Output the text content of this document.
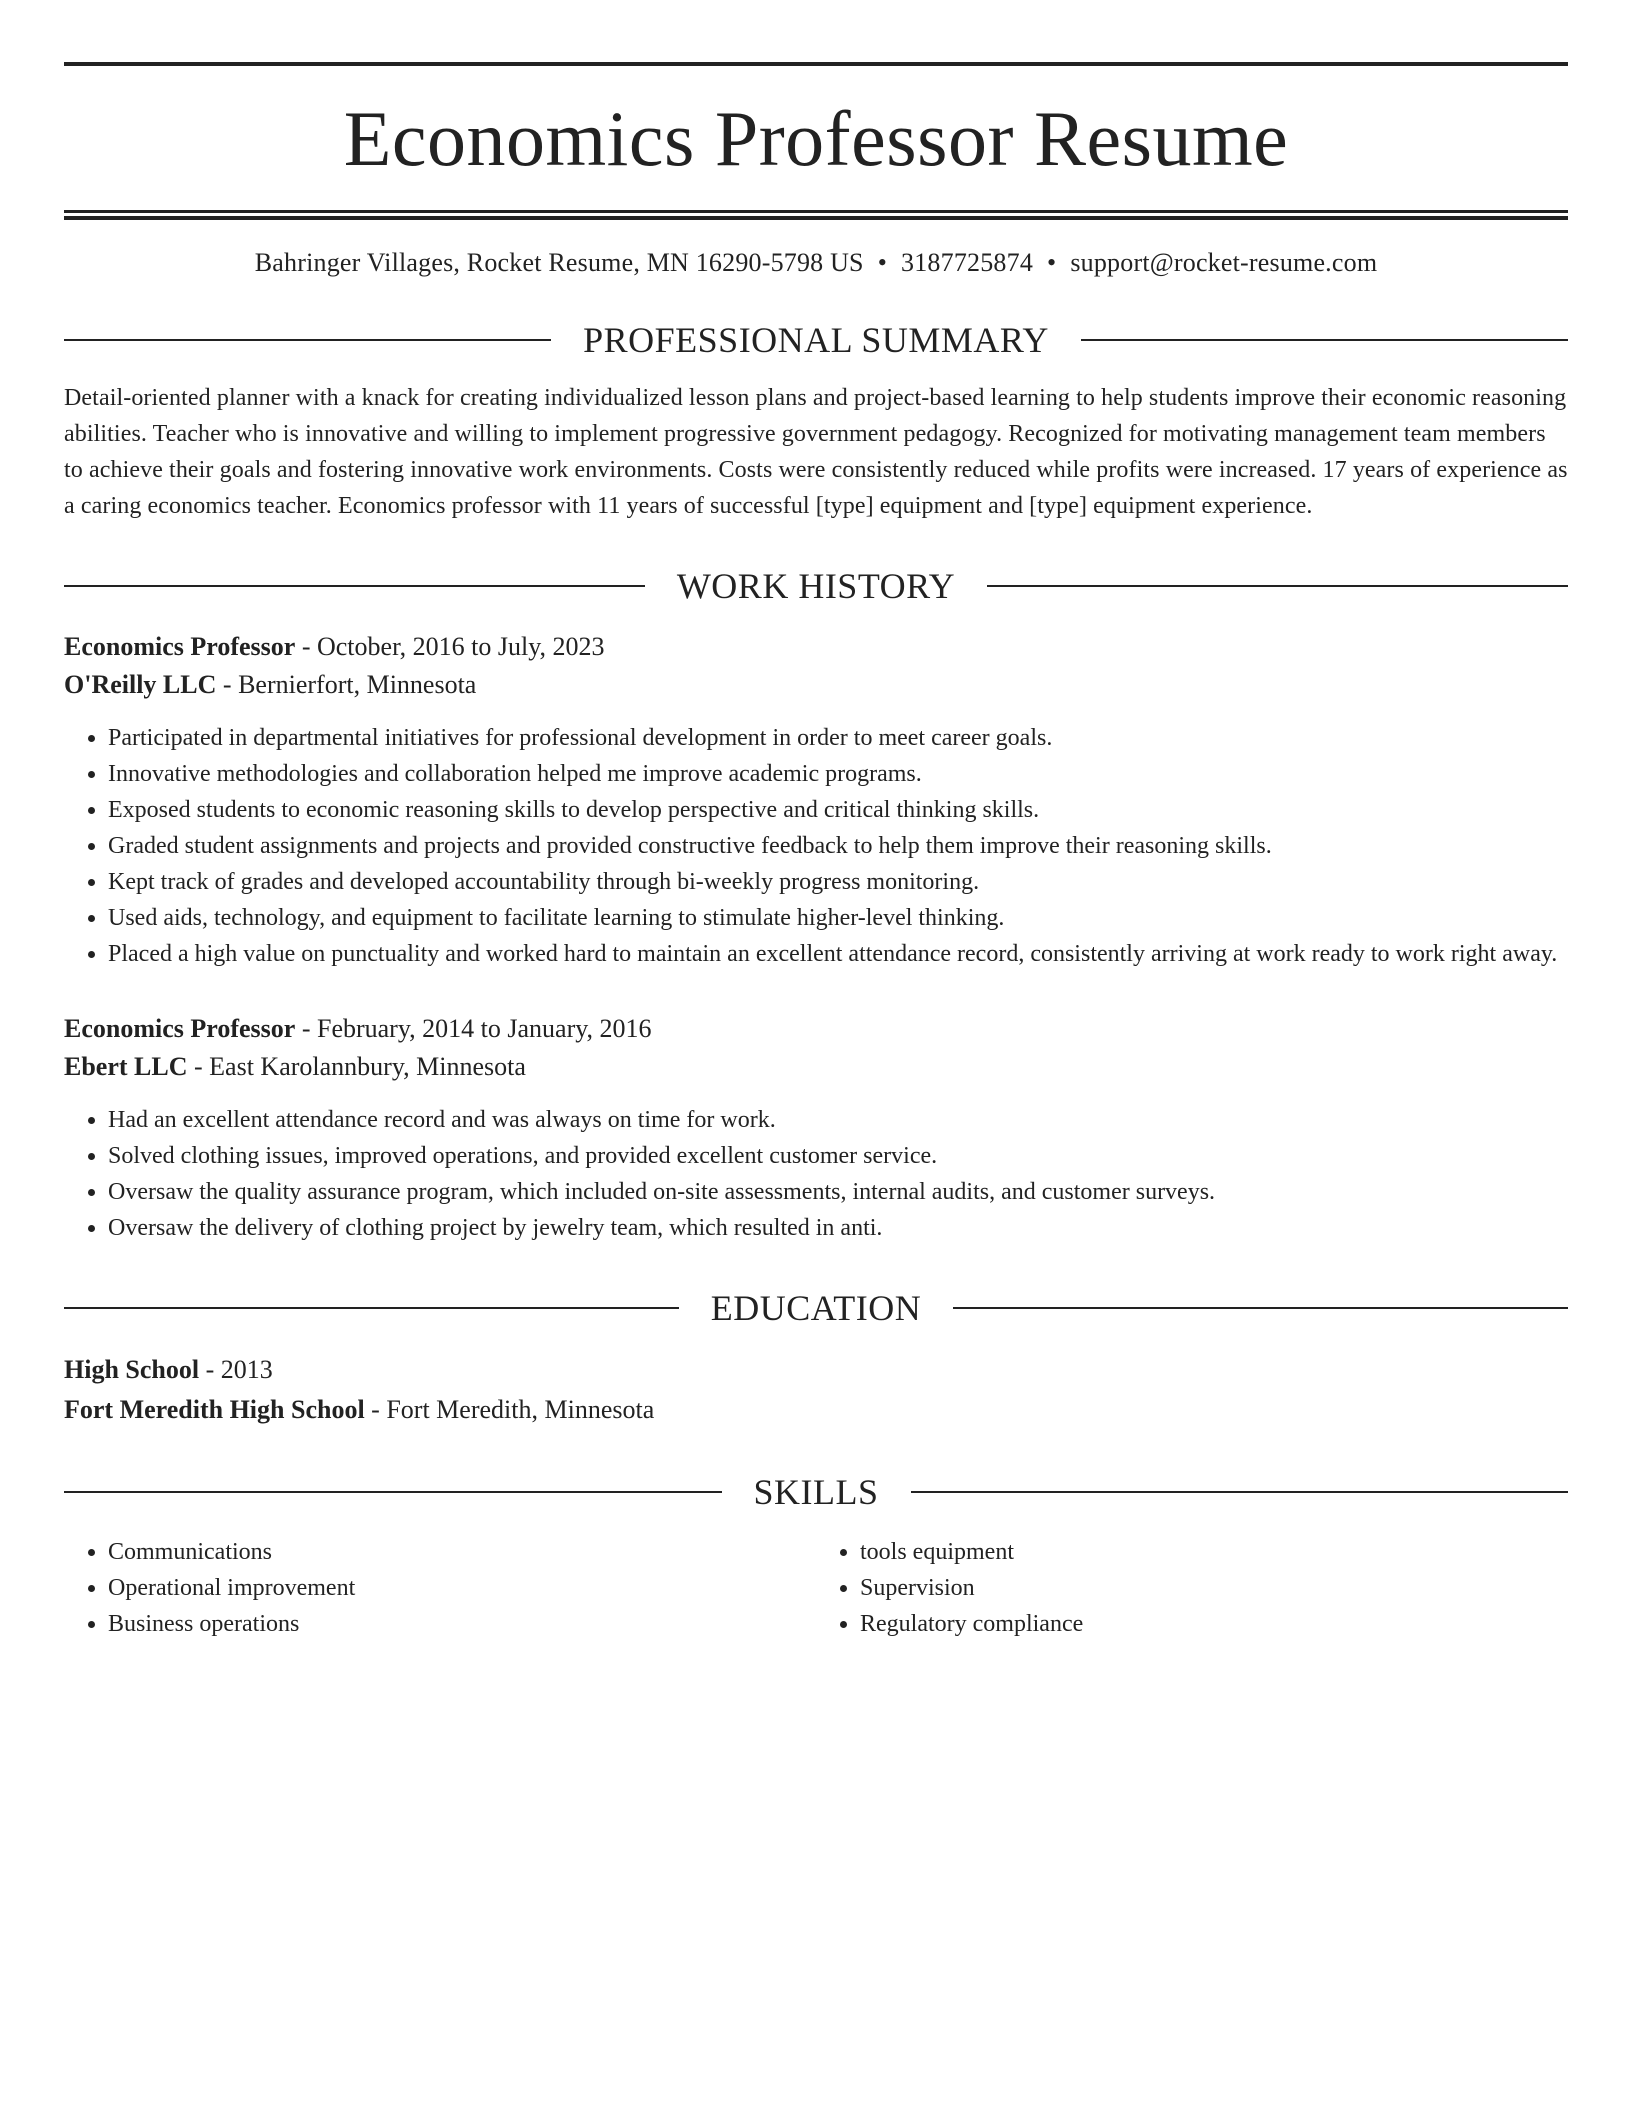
Economics Professor Resume
Bahringer Villages, Rocket Resume, MN 16290-5798 US • 3187725874 • support@rocket-resume.com
PROFESSIONAL SUMMARY
Detail-oriented planner with a knack for creating individualized lesson plans and project-based learning to help students improve their economic reasoning abilities. Teacher who is innovative and willing to implement progressive government pedagogy. Recognized for motivating management team members to achieve their goals and fostering innovative work environments. Costs were consistently reduced while profits were increased. 17 years of experience as a caring economics teacher. Economics professor with 11 years of successful [type] equipment and [type] equipment experience.
WORK HISTORY
Economics Professor - October, 2016 to July, 2023
O'Reilly LLC - Bernierfort, Minnesota
• Participated in departmental initiatives for professional development in order to meet career goals.
• Innovative methodologies and collaboration helped me improve academic programs.
• Exposed students to economic reasoning skills to develop perspective and critical thinking skills.
• Graded student assignments and projects and provided constructive feedback to help them improve their reasoning skills.
• Kept track of grades and developed accountability through bi-weekly progress monitoring.
• Used aids, technology, and equipment to facilitate learning to stimulate higher-level thinking.
• Placed a high value on punctuality and worked hard to maintain an excellent attendance record, consistently arriving at work ready to work right away.
Economics Professor - February, 2014 to January, 2016
Ebert LLC - East Karolannbury, Minnesota
• Had an excellent attendance record and was always on time for work.
• Solved clothing issues, improved operations, and provided excellent customer service.
• Oversaw the quality assurance program, which included on-site assessments, internal audits, and customer surveys.
• Oversaw the delivery of clothing project by jewelry team, which resulted in anti.
EDUCATION
High School - 2013
Fort Meredith High School - Fort Meredith, Minnesota
SKILLS
• Communications
• Operational improvement
• Business operations
• tools equipment
• Supervision
• Regulatory compliance
